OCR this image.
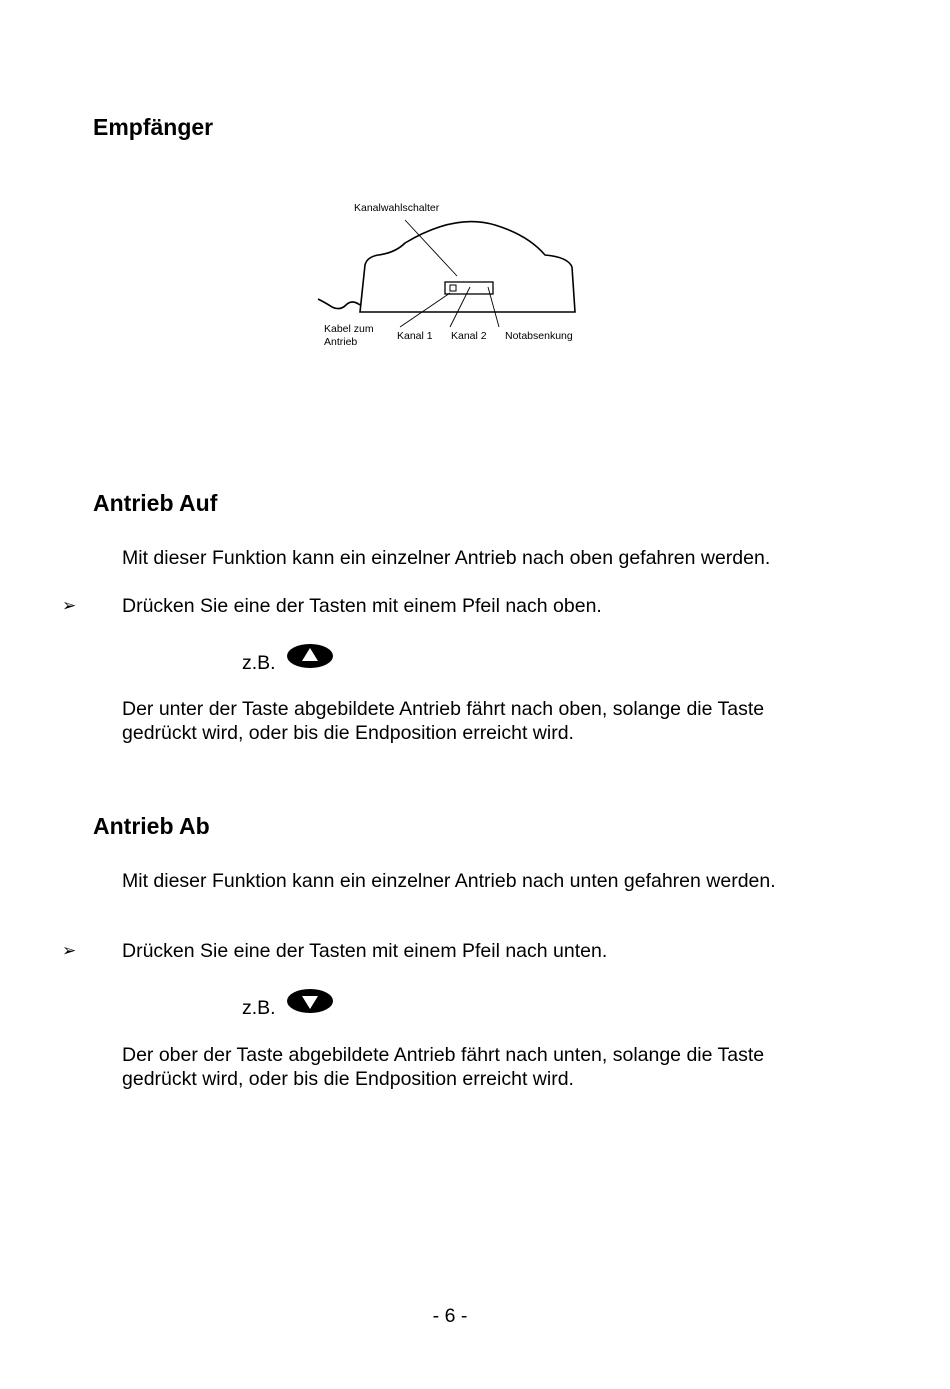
Empfänger
Kanalwahlschalter
Kabel zum
Antrieb	Kanal 1 Kanal 2 Notabsenkung
Antrieb Auf
Mit dieser Funktion kann ein einzelner Antrieb nach oben gefahren werden.
➢ Drücken Sie eine der Tasten mit einem Pfeil nach oben.
z.B.
Der unter der Taste abgebildete Antrieb fährt nach oben, solange die Taste
gedrückt wird, oder bis die Endposition erreicht wird.
Antrieb Ab
Mit dieser Funktion kann ein einzelner Antrieb nach unten gefahren werden.
➢ Drücken Sie eine der Tasten mit einem Pfeil nach unten.
z.B.
Der ober der Taste abgebildete Antrieb fährt nach unten, solange die Taste
gedrückt wird, oder bis die Endposition erreicht wird.
- 6 -
